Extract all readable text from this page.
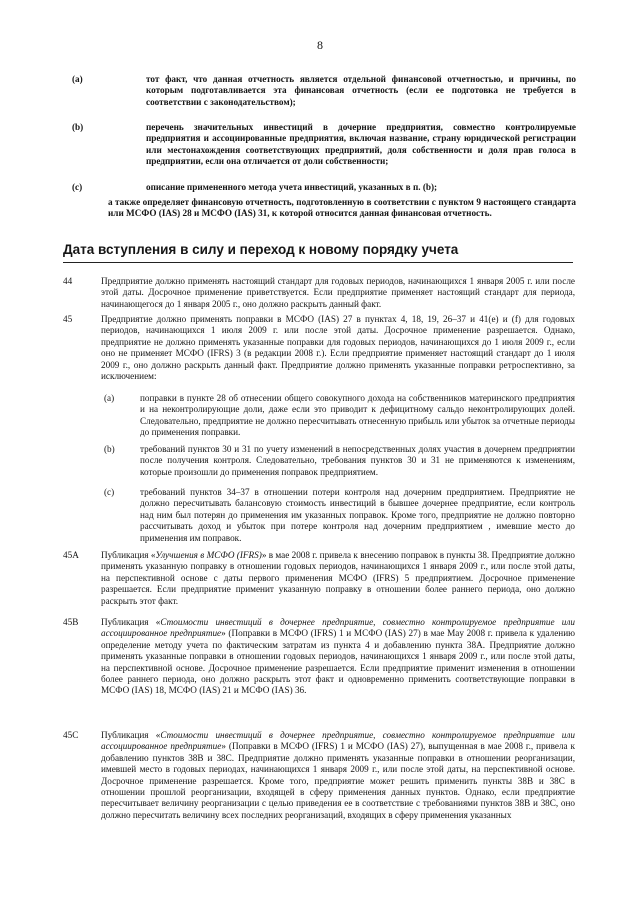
8
(a)	тот факт, что данная отчетность является отдельной финансовой отчетностью, и причины, по которым подготавливается эта финансовая отчетность (если ее подготовка не требуется в соответствии с законодательством);
(b)	перечень значительных инвестиций в дочерние предприятия, совместно контролируемые предприятия и ассоциированные предприятия, включая название, страну юридической регистрации или местонахождения соответствующих предприятий, доля собственности и доля прав голоса в предприятии, если она отличается от доли собственности;
(c)	описание примененного метода учета инвестиций, указанных в п. (b);
а также определяет финансовую отчетность, подготовленную в соответствии с пунктом 9 настоящего стандарта или МСФО (IAS) 28 и МСФО (IAS) 31, к которой относится данная финансовая отчетность.
Дата вступления в силу и переход к новому порядку учета
44	Предприятие должно применять настоящий стандарт для годовых периодов, начинающихся 1 января 2005 г. или после этой даты. Досрочное применение приветствуется. Если предприятие применяет настоящий стандарт для периода, начинающегося до 1 января 2005 г., оно должно раскрыть данный факт.
45	Предприятие должно применять поправки в МСФО (IAS) 27 в пунктах 4, 18, 19, 26–37 и 41(e) и (f) для годовых периодов, начинающихся 1 июля 2009 г. или после этой даты. Досрочное применение разрешается. Однако, предприятие не должно применять указанные поправки для годовых периодов, начинающихся до 1 июля 2009 г., если оно не применяет МСФО (IFRS) 3 (в редакции 2008 г.). Если предприятие применяет настоящий стандарт до 1 июля 2009 г., оно должно раскрыть данный факт. Предприятие должно применять указанные поправки ретроспективно, за исключением:
(a)	поправки в пункте 28 об отнесении общего совокупного дохода на собственников материнского предприятия и на неконтролирующие доли, даже если это приводит к дефицитному сальдо неконтролирующих долей. Следовательно, предприятие не должно пересчитывать отнесенную прибыль или убыток за отчетные периоды до применения поправки.
(b)	требований пунктов 30 и 31 по учету изменений в непосредственных долях участия в дочернем предприятии после получения контроля. Следовательно, требования пунктов 30 и 31 не применяются к изменениям, которые произошли до применения поправок предприятием.
(c)	требований пунктов 34–37 в отношении потери контроля над дочерним предприятием. Предприятие не должно пересчитывать балансовую стоимость инвестиций в бывшее дочернее предприятие, если контроль над ним был потерян до применения им указанных поправок. Кроме того, предприятие не должно повторно рассчитывать доход и убыток при потере контроля над дочерним предприятием , имевшие место до применения им поправок.
45A Публикация «Улучшения в МСФО (IFRS)» в мае 2008 г. привела к внесению поправок в пункты 38. Предприятие должно применять указанную поправку в отношении годовых периодов, начинающихся 1 января 2009 г., или после этой даты, на перспективной основе с даты первого применения МСФО (IFRS) 5 предприятием. Досрочное применение разрешается. Если предприятие применит указанную поправку в отношении более раннего периода, оно должно раскрыть этот факт.
45B Публикация «Стоимости инвестиций в дочернее предприятие, совместно контролируемое предприятие или ассоциированное предприятие» (Поправки в МСФО (IFRS) 1 и МСФО (IAS) 27) в мае May 2008 г. привела к удалению определение методу учета по фактическим затратам из пункта 4 и добавлению пункта 38А. Предприятие должно применять указанные поправки в отношении годовых периодов, начинающихся 1 января 2009 г., или после этой даты, на перспективной основе. Досрочное применение разрешается. Если предприятие применит изменения в отношении более раннего периода, оно должно раскрыть этот факт и одновременно применить соответствующие поправки в МСФО (IAS) 18, МСФО (IAS) 21 и МСФО (IAS) 36.
45C Публикация «Стоимости инвестиций в дочернее предприятие, совместно контролируемое предприятие или ассоциированное предприятие» (Поправки в МСФО (IFRS) 1 и МСФО (IAS) 27), выпущенная в мае 2008 г., привела к добавлению пунктов 38B и 38C. Предприятие должно применять указанные поправки в отношении реорганизации, имевшей место в годовых периодах, начинающихся 1 января 2009 г., или после этой даты, на перспективной основе. Досрочное применение разрешается. Кроме того, предприятие может решить применить пункты 38B и 38C в отношении прошлой реорганизации, входящей в сферу применения данных пунктов. Однако, если предприятие пересчитывает величину реорганизации с целью приведения ее в соответствие с требованиями пунктов 38B и 38C, оно должно пересчитать величину всех последних реорганизаций, входящих в сферу применения указанных
